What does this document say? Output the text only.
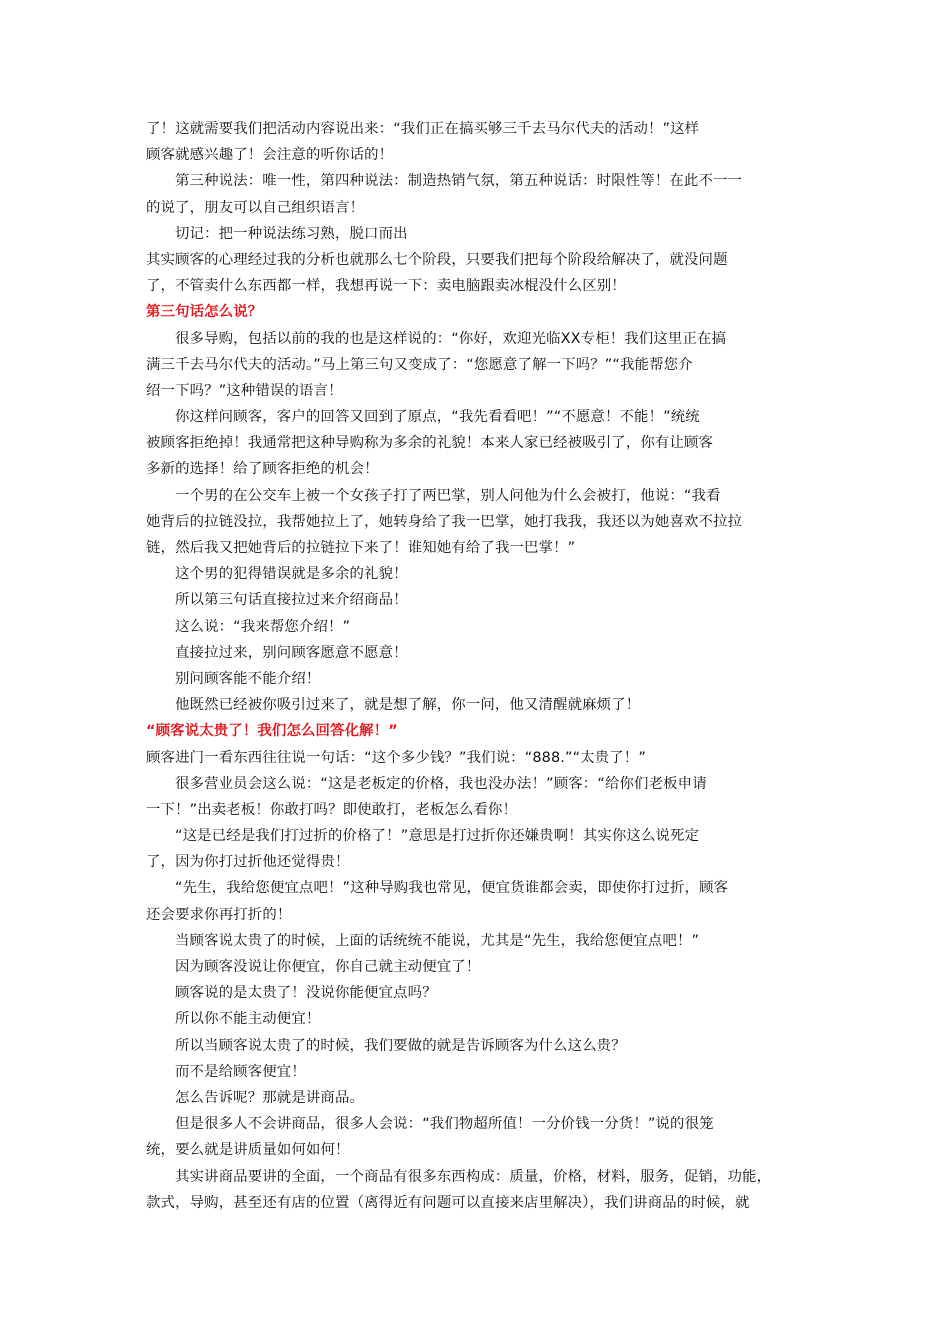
了！这就需要我们把活动内容说出来：“我们正在搞买够三千去马尔代夫的活动！”这样
顾客就感兴趣了！会注意的听你话的！
第三种说法：唯一性，第四种说法：制造热销气氛，第五种说话：时限性等！在此不一一
的说了，朋友可以自己组织语言！
切记：把一种说法练习熟，脱口而出
其实顾客的心理经过我的分析也就那么七个阶段，只要我们把每个阶段给解决了，就没问题
了，不管卖什么东西都一样，我想再说一下：卖电脑跟卖冰棍没什么区别！
第三句话怎么说？
很多导购，包括以前的我的也是这样说的：“你好，欢迎光临XX专柜！我们这里正在搞
满三千去马尔代夫的活动。”马上第三句又变成了：“您愿意了解一下吗？”“我能帮您介
绍一下吗？”这种错误的语言！
你这样问顾客，客户的回答又回到了原点，“我先看看吧！”“不愿意！不能！”统统
被顾客拒绝掉！我通常把这种导购称为多余的礼貌！本来人家已经被吸引了，你有让顾客
多新的选择！给了顾客拒绝的机会！
一个男的在公交车上被一个女孩子打了两巴掌，别人问他为什么会被打，他说：“我看
她背后的拉链没拉，我帮她拉上了，她转身给了我一巴掌，她打我我，我还以为她喜欢不拉拉
链，然后我又把她背后的拉链拉下来了！谁知她有给了我一巴掌！”
这个男的犯得错误就是多余的礼貌！
所以第三句话直接拉过来介绍商品！
这么说：“我来帮您介绍！”
直接拉过来，别问顾客愿意不愿意！
别问顾客能不能介绍！
他既然已经被你吸引过来了，就是想了解，你一问，他又清醒就麻烦了！
“顾客说太贵了！我们怎么回答化解！”
顾客进门一看东西往往说一句话：“这个多少钱？”我们说：“888.”“太贵了！”
很多营业员会这么说：“这是老板定的价格，我也没办法！”顾客：“给你们老板申请
一下！”出卖老板！你敢打吗？即使敢打，老板怎么看你！
“这是已经是我们打过折的价格了！”意思是打过折你还嫌贵啊！其实你这么说死定
了，因为你打过折他还觉得贵！
“先生，我给您便宜点吧！”这种导购我也常见，便宜货谁都会卖，即使你打过折，顾客
还会要求你再打折的！
当顾客说太贵了的时候，上面的话统统不能说，尤其是“先生，我给您便宜点吧！”
因为顾客没说让你便宜，你自己就主动便宜了！
顾客说的是太贵了！没说你能便宜点吗？
所以你不能主动便宜！
所以当顾客说太贵了的时候，我们要做的就是告诉顾客为什么这么贵？
而不是给顾客便宜！
怎么告诉呢？那就是讲商品。
但是很多人不会讲商品，很多人会说：“我们物超所值！一分价钱一分货！”说的很笼
统，要么就是讲质量如何如何！
其实讲商品要讲的全面，一个商品有很多东西构成：质量，价格，材料，服务，促销，功能，
款式，导购，甚至还有店的位置（离得近有问题可以直接来店里解决），我们讲商品的时候，就
